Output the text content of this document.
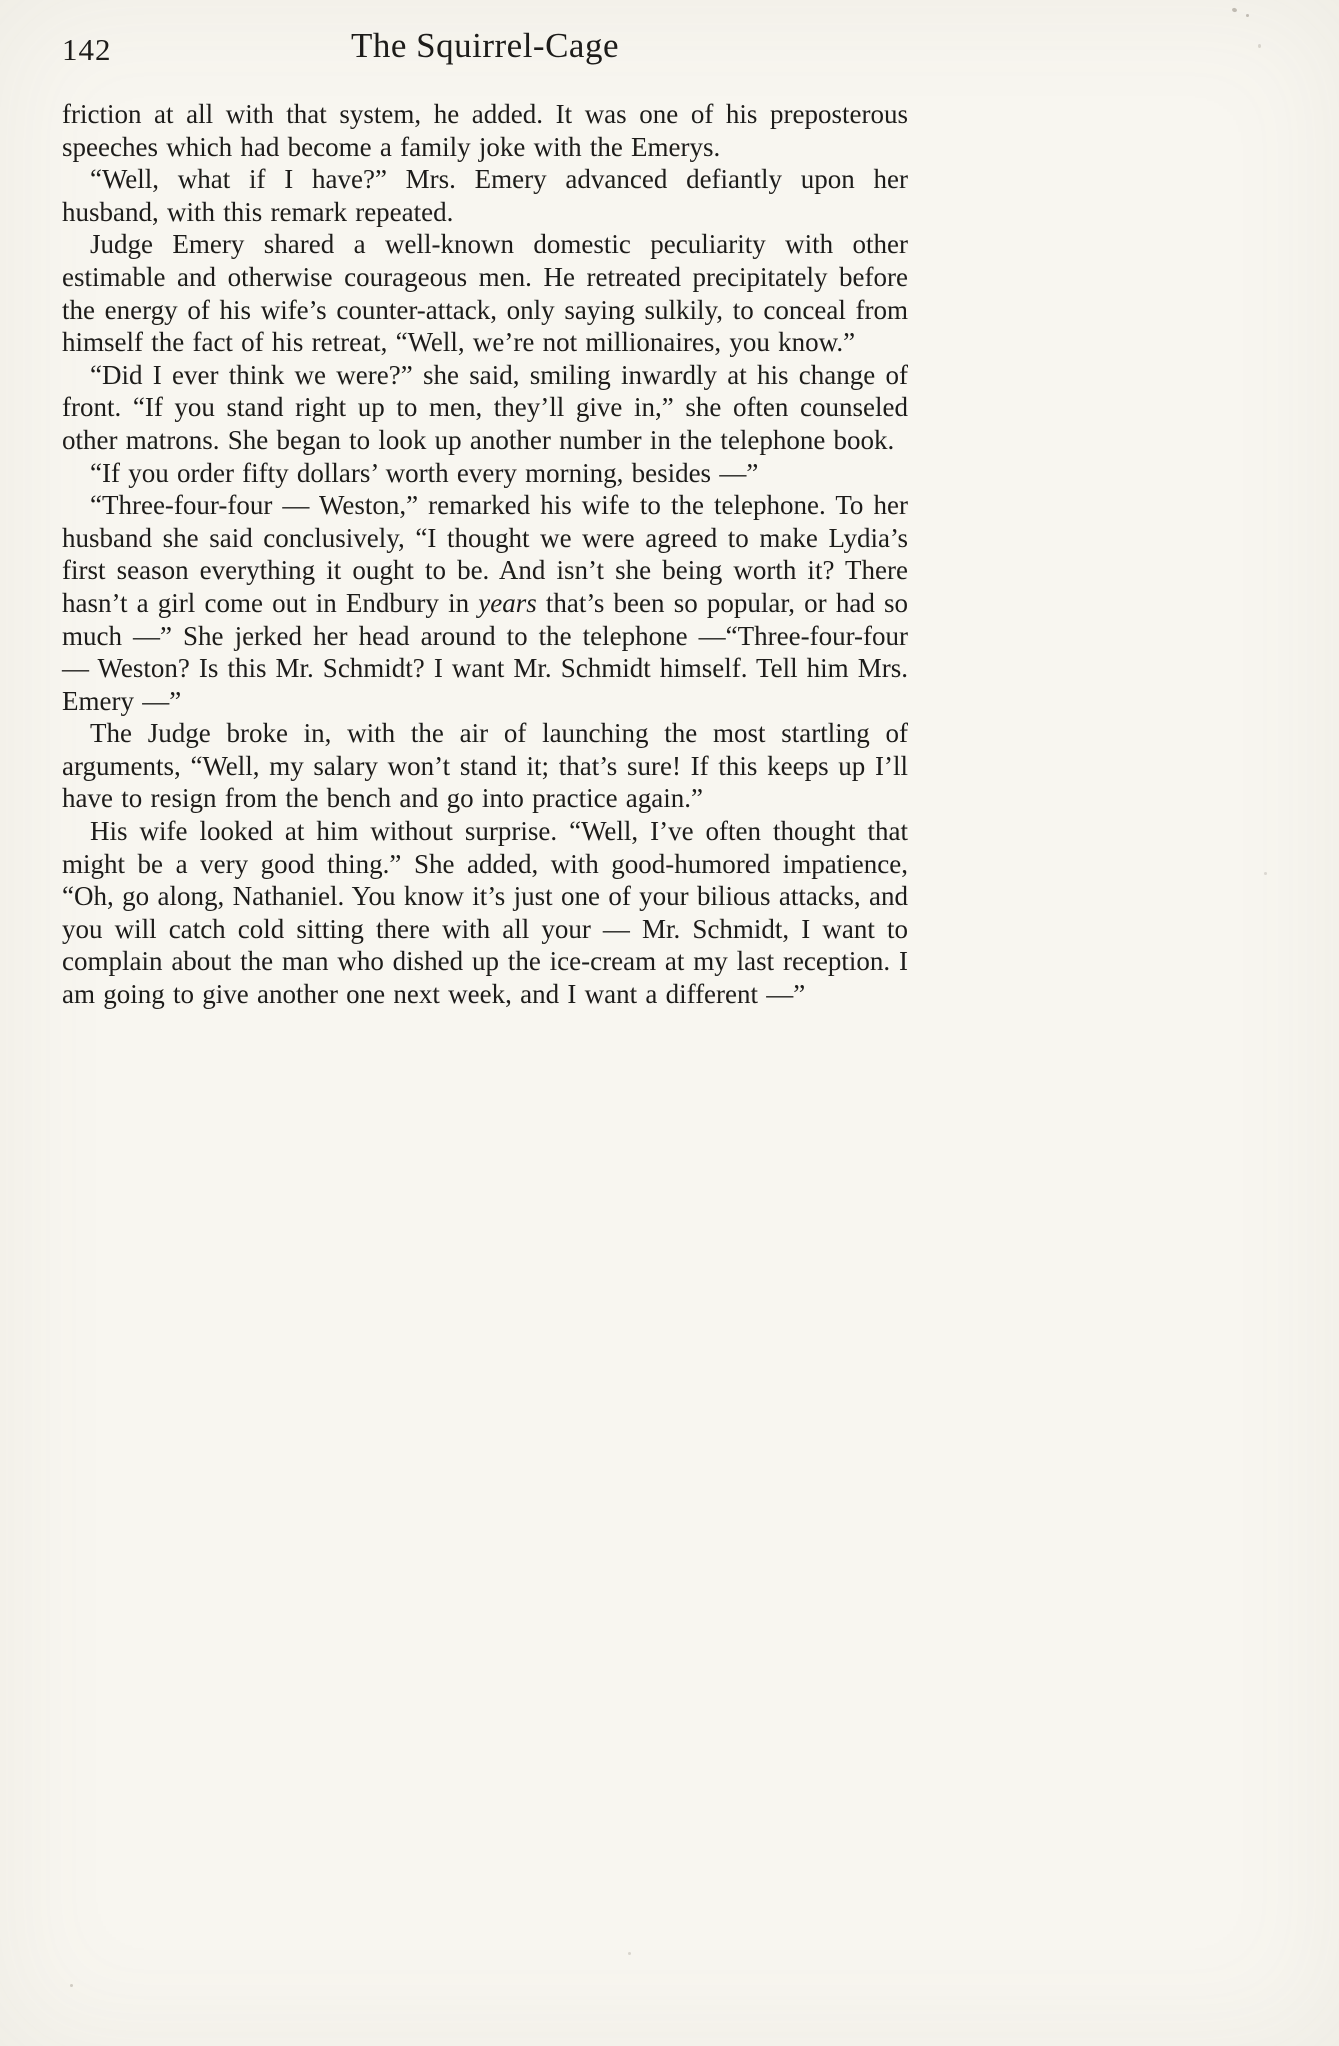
142	The Squirrel-Cage

friction at all with that system, he added. It was one of his preposterous speeches which had become a family joke with the Emerys.

“Well, what if I have?” Mrs. Emery advanced defiantly upon her husband, with this remark repeated.

Judge Emery shared a well-known domestic peculiarity with other estimable and otherwise courageous men. He retreated precipitately before the energy of his wife’s counter-attack, only saying sulkily, to conceal from himself the fact of his retreat, “Well, we’re not millionaires, you know.”

“Did I ever think we were?” she said, smiling inwardly at his change of front. “If you stand right up to men, they’ll give in,” she often counseled other matrons. She began to look up another number in the telephone book.

“If you order fifty dollars’ worth every morning, besides —”

“Three-four-four — Weston,” remarked his wife to the telephone. To her husband she said conclusively, “I thought we were agreed to make Lydia’s first season everything it ought to be. And isn’t she being worth it? There hasn’t a girl come out in Endbury in years that’s been so popular, or had so much —” She jerked her head around to the telephone —“Three-four-four — Weston? Is this Mr. Schmidt? I want Mr. Schmidt himself. Tell him Mrs. Emery —”

The Judge broke in, with the air of launching the most startling of arguments, “Well, my salary won’t stand it; that’s sure! If this keeps up I’ll have to resign from the bench and go into practice again.”

His wife looked at him without surprise. “Well, I’ve often thought that might be a very good thing.” She added, with good-humored impatience, “Oh, go along, Nathaniel. You know it’s just one of your bilious attacks, and you will catch cold sitting there with all your — Mr. Schmidt, I want to complain about the man who dished up the ice-cream at my last reception. I am going to give another one next week, and I want a different —”
